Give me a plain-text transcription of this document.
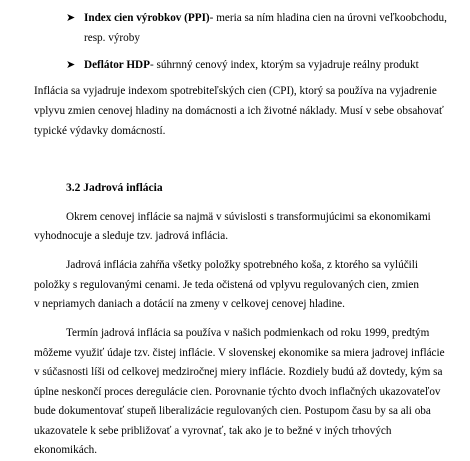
➤ Index cien výrobkov (PPI)- meria sa ním hladina cien na úrovni veľkoobchodu,
resp. výroby
➤ Deflátor HDP- súhrnný cenový index, ktorým sa vyjadruje reálny produkt
Inflácia sa vyjadruje indexom spotrebiteľských cien (CPI), ktorý sa používa na vyjadrenie
vplyvu zmien cenovej hladiny na domácnosti a ich životné náklady. Musí v sebe obsahovať
typické výdavky domácností.
3.2 Jadrová inflácia
Okrem cenovej inflácie sa najmä v súvislosti s transformujúcimi sa ekonomikami
vyhodnocuje a sleduje tzv. jadrová inflácia.
Jadrová inflácia zahŕňa všetky položky spotrebného koša, z ktorého sa vylúčili
položky s regulovanými cenami. Je teda očistená od vplyvu regulovaných cien, zmien
v nepriamych daniach a dotácií na zmeny v celkovej cenovej hladine.
Termín jadrová inflácia sa používa v našich podmienkach od roku 1999, predtým
môžeme využiť údaje tzv. čistej inflácie. V slovenskej ekonomike sa miera jadrovej inflácie
v súčasnosti líši od celkovej medziročnej miery inflácie. Rozdiely budú až dovtedy, kým sa
úplne neskončí proces deregulácie cien. Porovnanie týchto dvoch inflačných ukazovateľov
bude dokumentovať stupeň liberalizácie regulovaných cien. Postupom času by sa ali oba
ukazovatele k sebe približovať a vyrovnať, tak ako je to bežné v iných trhových
ekonomikách.
